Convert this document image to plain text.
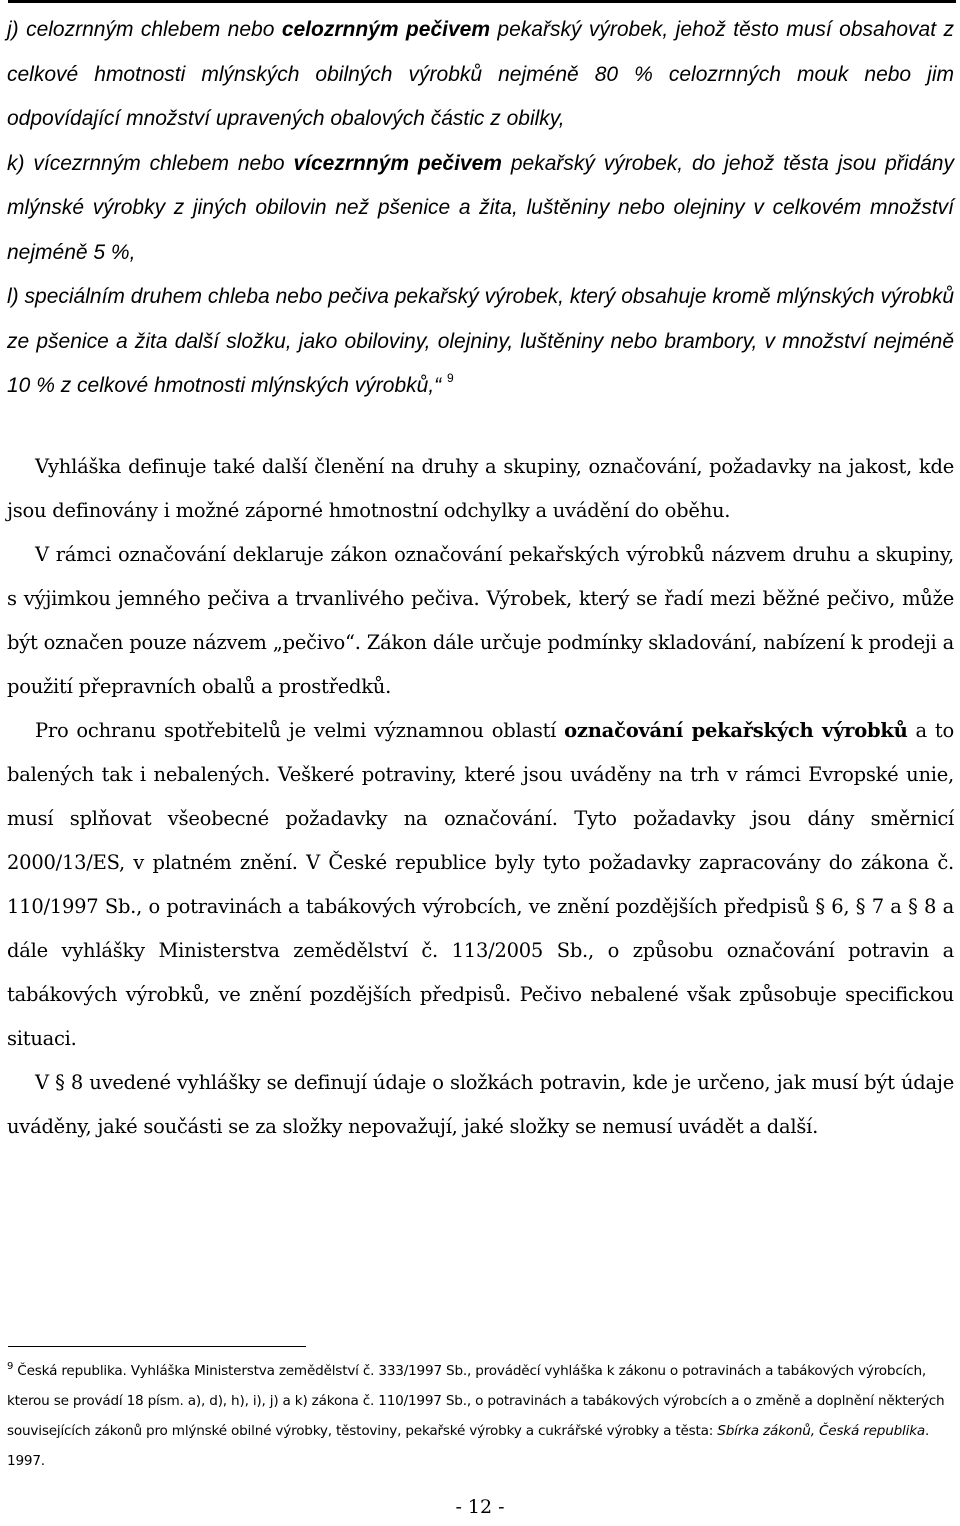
j) celozrnným chlebem nebo celozrnným pečivem pekařský výrobek, jehož těsto musí obsahovat z celkové hmotnosti mlýnských obilných výrobků nejméně 80 % celozrnných mouk nebo jim odpovídající množství upravených obalových částic z obilky,

k) vícezrnným chlebem nebo vícezrnným pečivem pekařský výrobek, do jehož těsta jsou přidány mlýnské výrobky z jiných obilovin než pšenice a žita, luštěniny nebo olejniny v celkovém množství nejméně 5 %,

l) speciálním druhem chleba nebo pečiva pekařský výrobek, který obsahuje kromě mlýnských výrobků ze pšenice a žita další složku, jako obiloviny, olejniny, luštěniny nebo brambory, v množství nejméně 10 % z celkové hmotnosti mlýnských výrobků,“ $^9$

Vyhláška definuje také další členění na druhy a skupiny, označování, požadavky na jakost, kde jsou definovány i možné záporné hmotnostní odchylky a uvádění do oběhu.

V rámci označování deklaruje zákon označování pekařských výrobků názvem druhu a skupiny, s výjimkou jemného pečiva a trvanlivého pečiva. Výrobek, který se řadí mezi běžné pečivo, může být označen pouze názvem „pečivo“. Zákon dále určuje podmínky skladování, nabízení k prodeji a použití přepravních obalů a prostředků.

Pro ochranu spotřebitelů je velmi významnou oblastí označování pekařských výrobků a to balených tak i nebalených. Veškeré potraviny, které jsou uváděny na trh v rámci Evropské unie, musí splňovat všeobecné požadavky na označování. Tyto požadavky jsou dány směrnicí 2000/13/ES, v platném znění. V České republice byly tyto požadavky zapracovány do zákona č. 110/1997 Sb., o potravinách a tabákových výrobcích, ve znění pozdějších předpisů § 6, § 7 a § 8 a dále vyhlášky Ministerstva zemědělství č. 113/2005 Sb., o způsobu označování potravin a tabákových výrobků, ve znění pozdějších předpisů. Pečivo nebalené však způsobuje specifickou situaci.

V § 8 uvedené vyhlášky se definují údaje o složkách potravin, kde je určeno, jak musí být údaje uváděny, jaké součásti se za složky nepovažují, jaké složky se nemusí uvádět a další.

$^9$ Česká republika. Vyhláška Ministerstva zemědělství č. 333/1997 Sb., prováděcí vyhláška k zákonu o potravinách a tabákových výrobcích, kterou se provádí 18 písm. a), d), h), i), j) a k) zákona č. 110/1997 Sb., o potravinách a tabákových výrobcích a o změně a doplnění některých souvisejících zákonů pro mlýnské obilné výrobky, těstoviny, pekařské výrobky a cukrářské výrobky a těsta: Sbírka zákonů, Česká republika. 1997.

- 12 -
